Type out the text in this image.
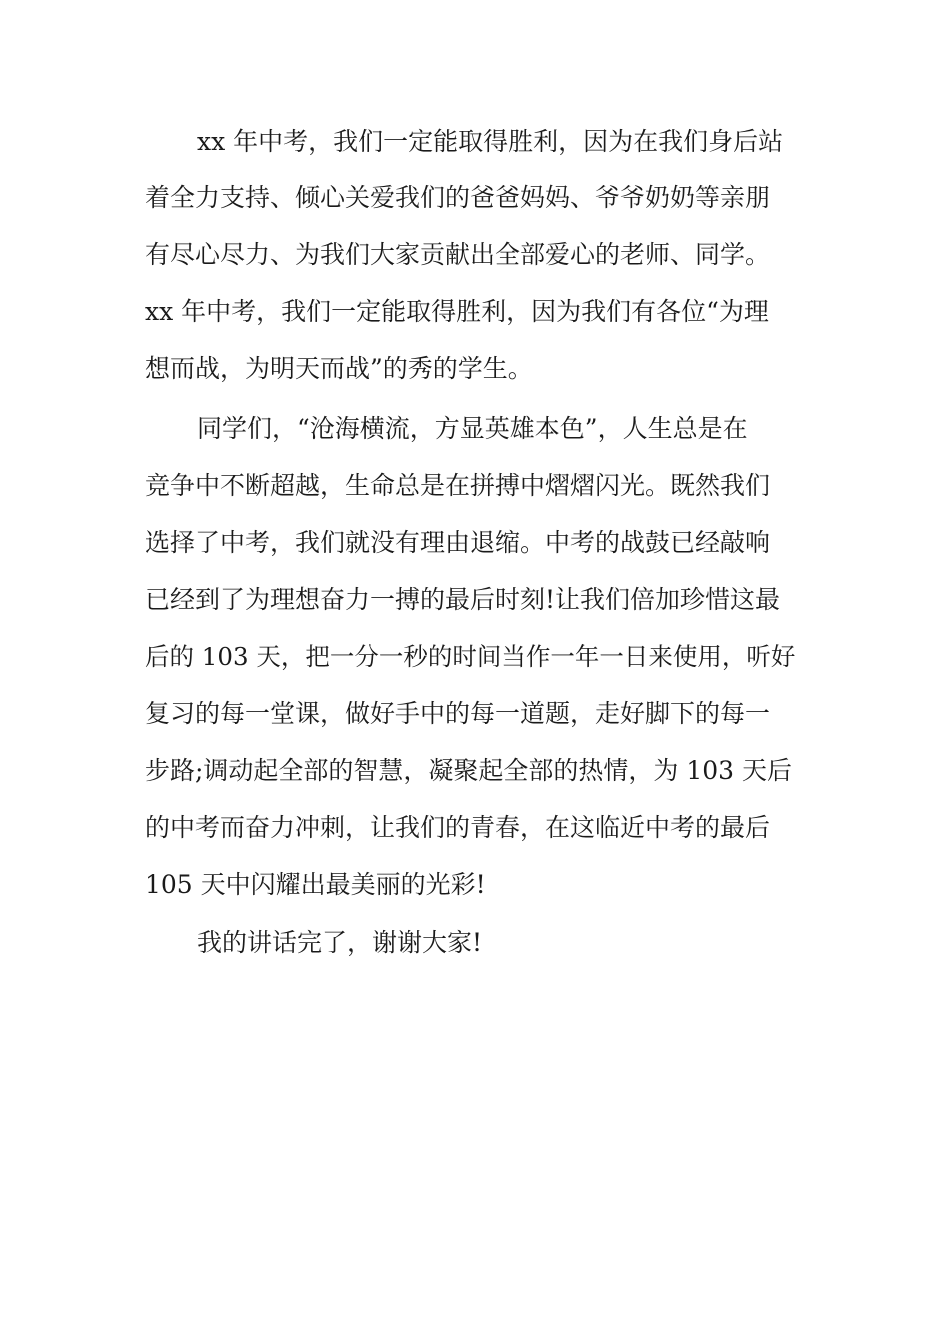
xx 年中考，我们一定能取得胜利，因为在我们身后站
着全力支持、倾心关爱我们的爸爸妈妈、爷爷奶奶等亲朋
有尽心尽力、为我们大家贡献出全部爱心的老师、同学。
xx 年中考，我们一定能取得胜利，因为我们有各位“为理
想而战，为明天而战”的秀的学生。
同学们，“沧海横流，方显英雄本色”，人生总是在
竞争中不断超越，生命总是在拼搏中熠熠闪光。既然我们
选择了中考，我们就没有理由退缩。中考的战鼓已经敲响
已经到了为理想奋力一搏的最后时刻!让我们倍加珍惜这最
后的 103 天，把一分一秒的时间当作一年一日来使用，听好
复习的每一堂课，做好手中的每一道题，走好脚下的每一
步路;调动起全部的智慧，凝聚起全部的热情，为 103 天后
的中考而奋力冲刺，让我们的青春，在这临近中考的最后
105 天中闪耀出最美丽的光彩!
我的讲话完了，谢谢大家!
